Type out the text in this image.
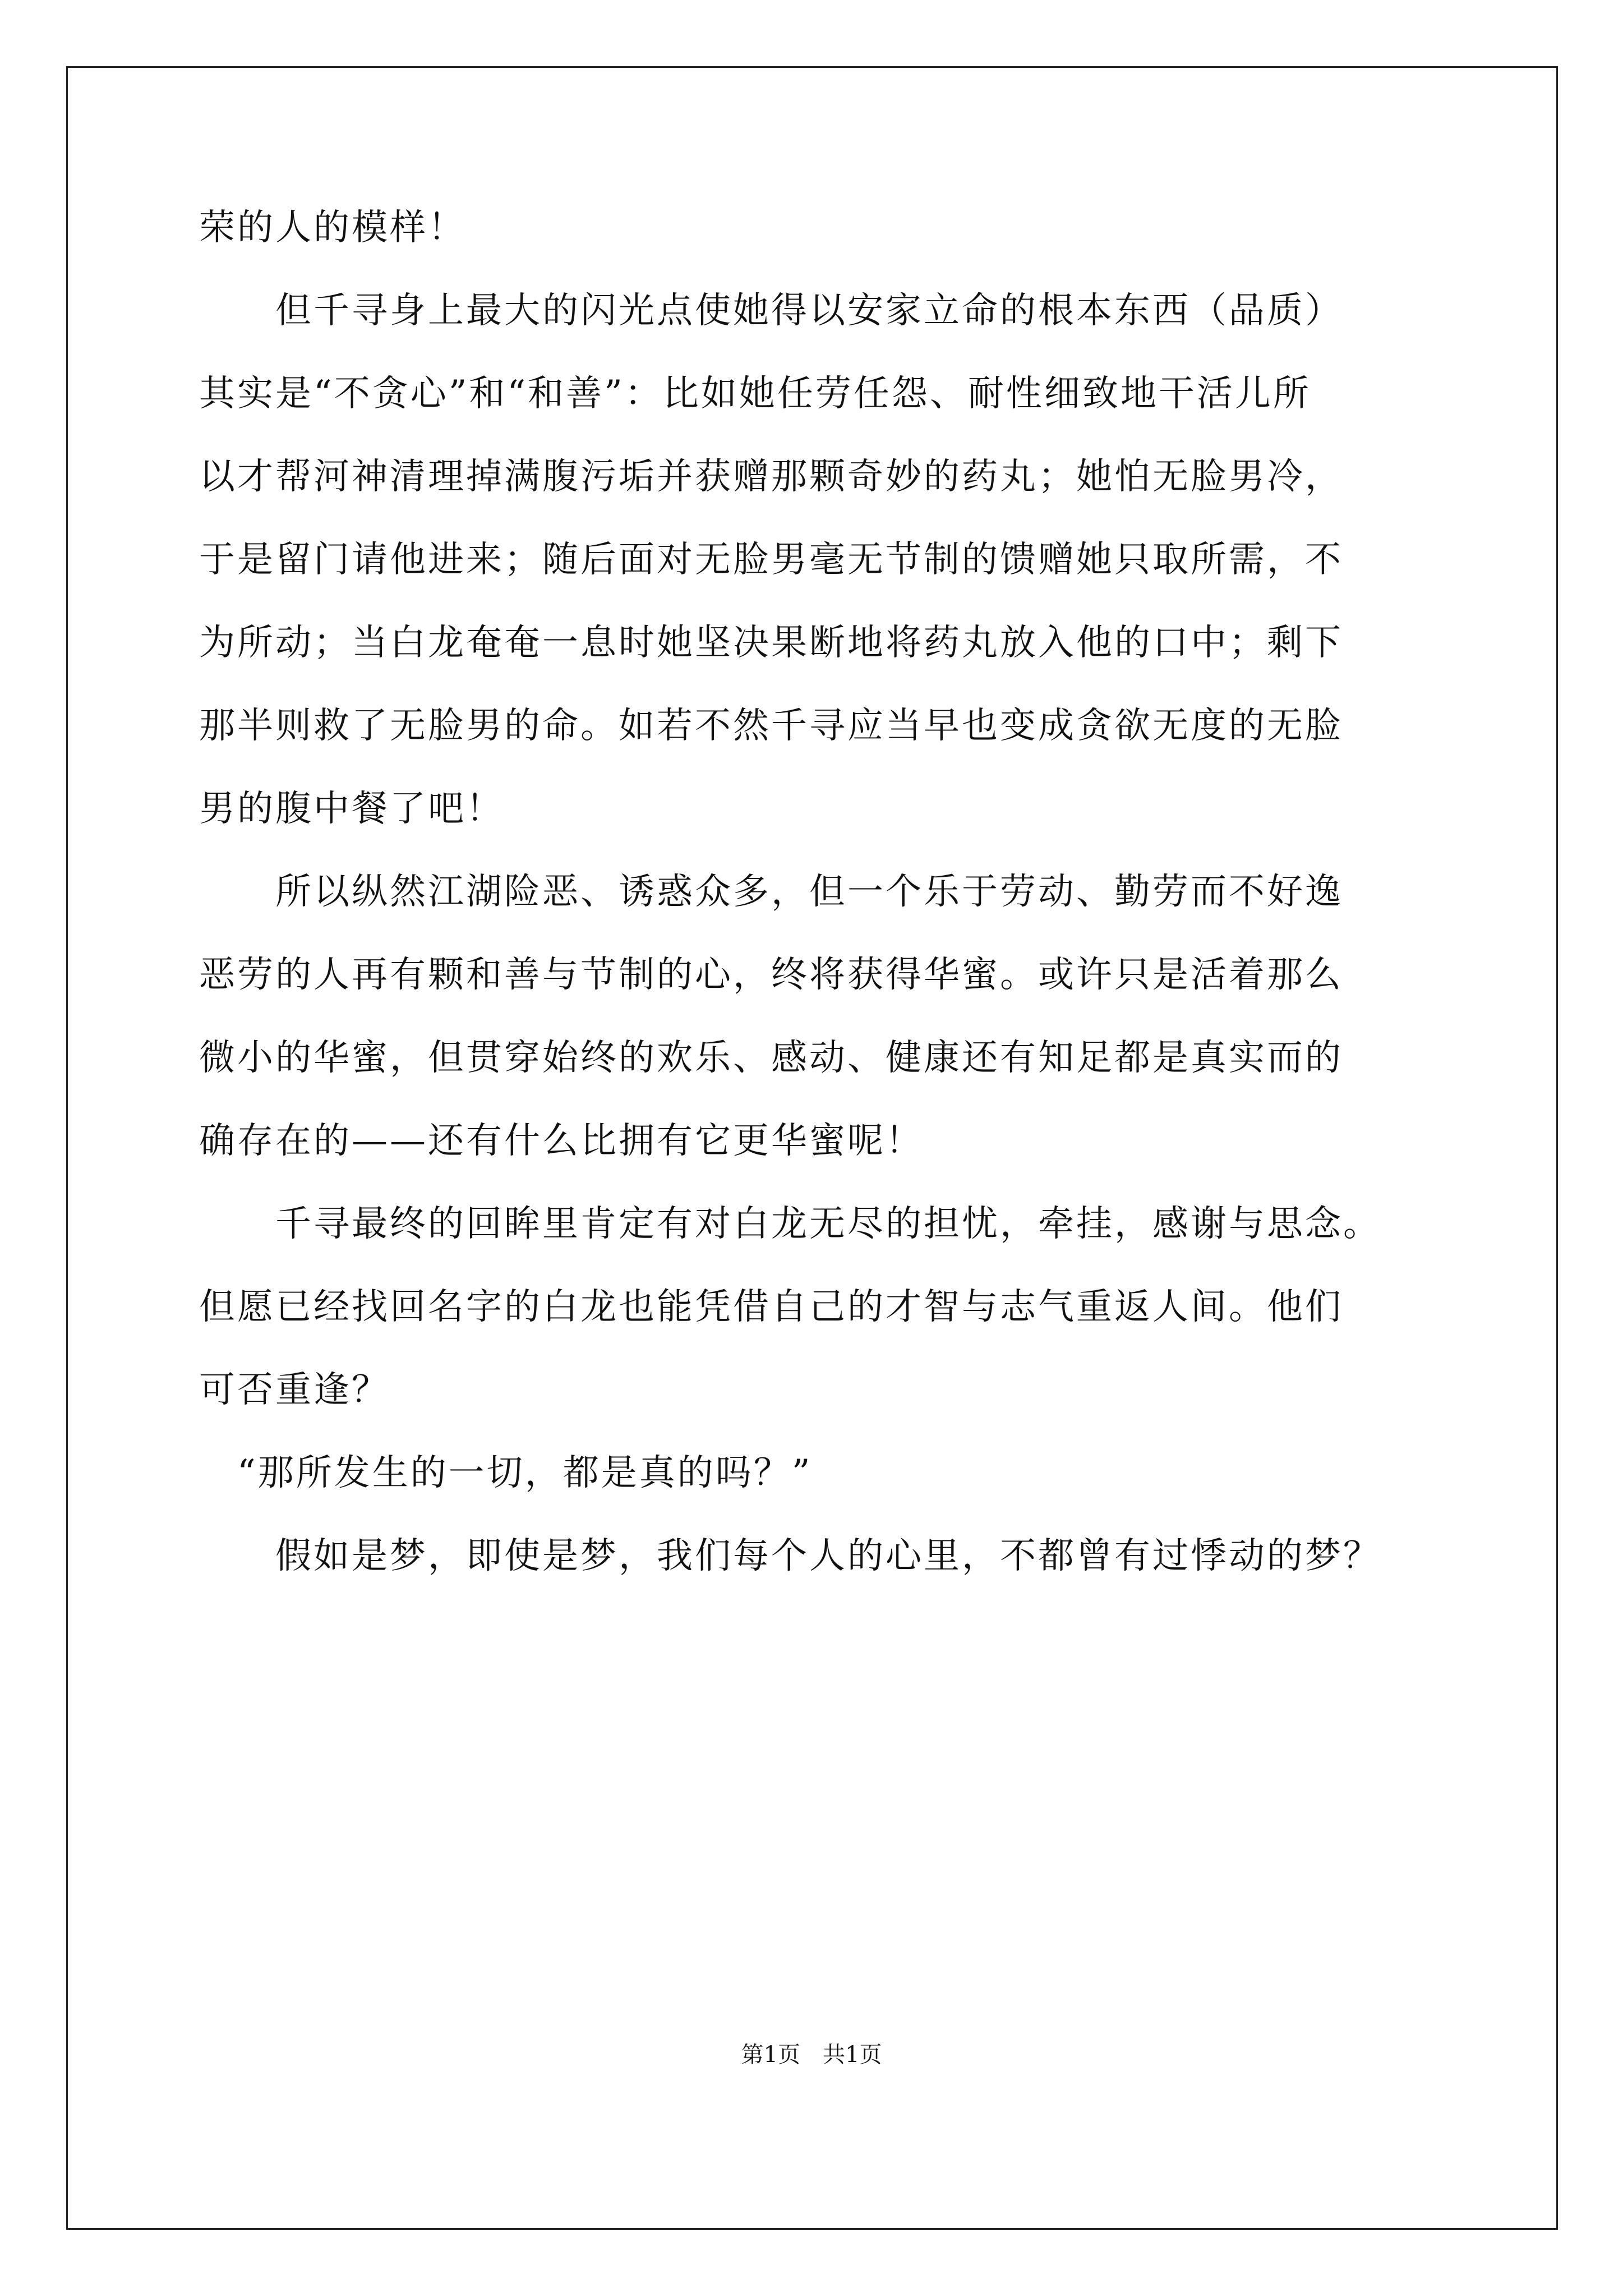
荣的人的模样！
　　但千寻身上最大的闪光点使她得以安家立命的根本东西（品质）
其实是“不贪心”和“和善”：比如她任劳任怨、耐性细致地干活儿所
以才帮河神清理掉满腹污垢并获赠那颗奇妙的药丸；她怕无脸男冷，
于是留门请他进来；随后面对无脸男毫无节制的馈赠她只取所需，不
为所动；当白龙奄奄一息时她坚决果断地将药丸放入他的口中；剩下
那半则救了无脸男的命。如若不然千寻应当早也变成贪欲无度的无脸
男的腹中餐了吧！
　　所以纵然江湖险恶、诱惑众多，但一个乐于劳动、勤劳而不好逸
恶劳的人再有颗和善与节制的心，终将获得华蜜。或许只是活着那么
微小的华蜜，但贯穿始终的欢乐、感动、健康还有知足都是真实而的
确存在的——还有什么比拥有它更华蜜呢！
　　千寻最终的回眸里肯定有对白龙无尽的担忧，牵挂，感谢与思念。
但愿已经找回名字的白龙也能凭借自己的才智与志气重返人间。他们
可否重逢？
　“那所发生的一切，都是真的吗？”
　　假如是梦，即使是梦，我们每个人的心里，不都曾有过悸动的梦？
第1页　共1页
